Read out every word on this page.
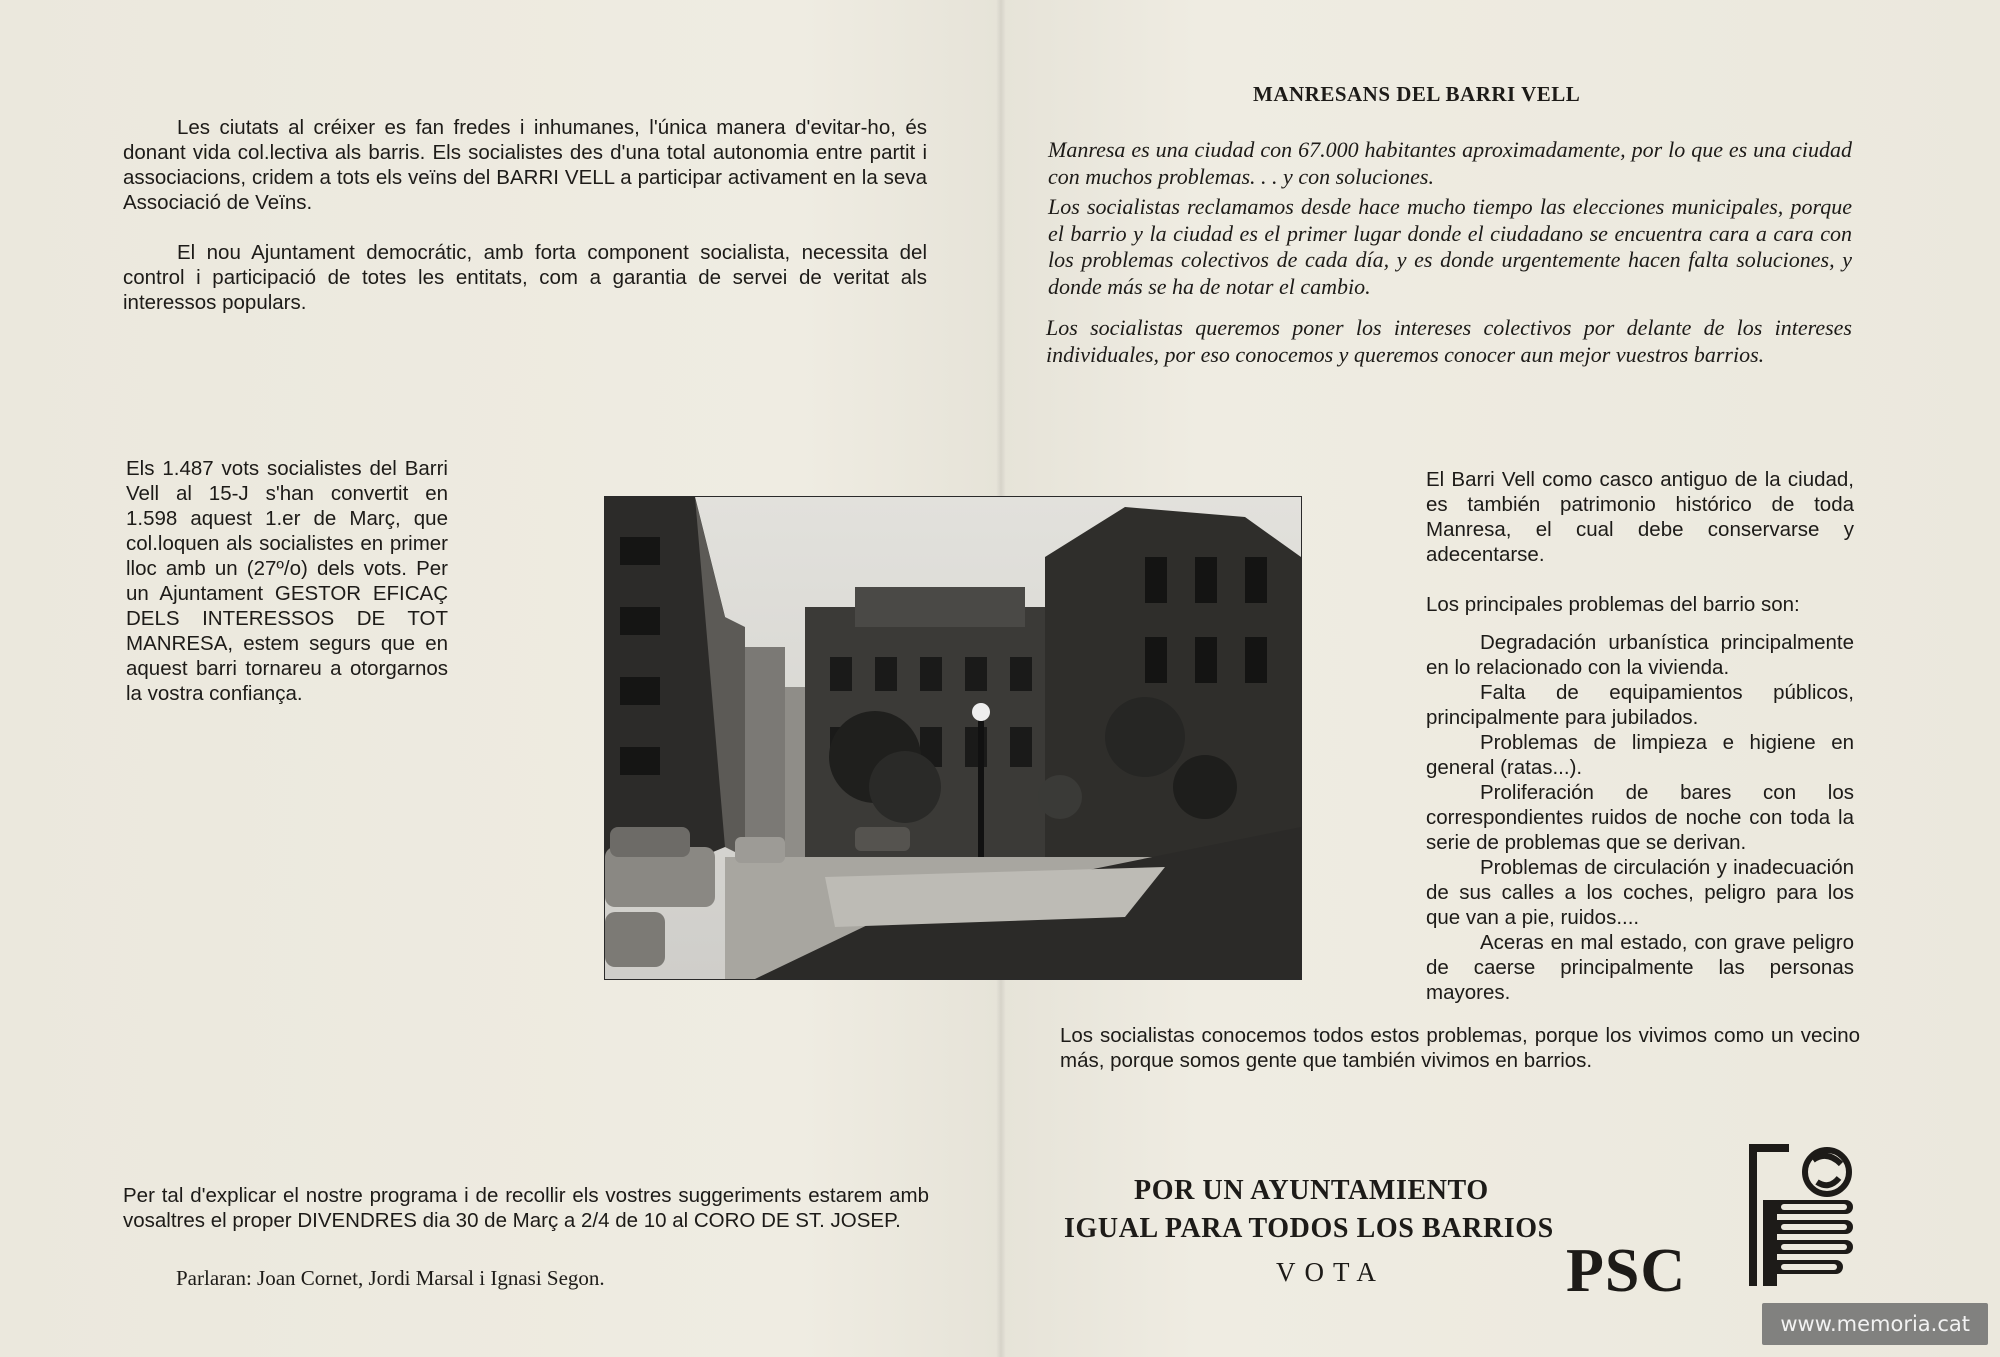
Les ciutats al créixer es fan fredes i inhumanes, l'única manera d'evitar-ho, és donant vida col.lectiva als barris. Els socialistes des d'una total autonomia entre partit i associacions, cridem a tots els veïns del BARRI VELL a participar activament en la seva Associació de Veïns.

El nou Ajuntament democrátic, amb forta component socialista, necessita del control i participació de totes les entitats, com a garantia de servei de veritat als interessos populars.

Els 1.487 vots socialistes del Barri Vell al 15-J s'han convertit en 1.598 aquest 1.er de Març, que col.loquen als socialistes en primer lloc amb un (27º/o) dels vots. Per un Ajuntament GESTOR EFICAÇ DELS INTERESSOS DE TOT MANRESA, estem segurs que en aquest barri tornareu a otorgarnos la vostra confiança.

Per tal d'explicar el nostre programa i de recollir els vostres suggeriments estarem amb vosaltres el proper DIVENDRES dia 30 de Març a 2/4 de 10 al CORO DE ST. JOSEP.

Parlaran: Joan Cornet, Jordi Marsal i Ignasi Segon.

MANRESANS DEL BARRI VELL

Manresa es una ciudad con 67.000 habitantes aproximadamente, por lo que es una ciudad con muchos problemas. . . y con soluciones.

Los socialistas reclamamos desde hace mucho tiempo las elecciones municipales, porque el barrio y la ciudad es el primer lugar donde el ciudadano se encuentra cara a cara con los problemas colectivos de cada día, y es donde urgentemente hacen falta soluciones, y donde más se ha de notar el cambio.

Los socialistas queremos poner los intereses colectivos por delante de los intereses individuales, por eso conocemos y queremos conocer aun mejor vuestros barrios.

El Barri Vell como casco antiguo de la ciudad, es también patrimonio histórico de toda Manresa, el cual debe conservarse y adecentarse.

Los principales problemas del barrio son:

Degradación urbanística principalmente en lo relacionado con la vivienda.

Falta de equipamientos públicos, principalmente para jubilados.

Problemas de limpieza e higiene en general (ratas...).

Proliferación de bares con los correspondientes ruidos de noche con toda la serie de problemas que se derivan.

Problemas de circulación y inadecuación de sus calles a los coches, peligro para los que van a pie, ruidos....

Aceras en mal estado, con grave peligro de caerse principalmente las personas mayores.

Los socialistas conocemos todos estos problemas, porque los vivimos como un vecino más, porque somos gente que también vivimos en barrios.

POR UN AYUNTAMIENTO
IGUAL PARA TODOS LOS BARRIOS
VOTA	PSC
www.memoria.cat
